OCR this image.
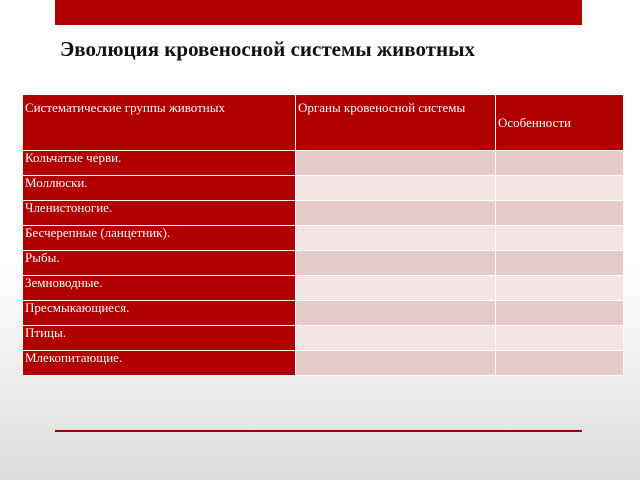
Эволюция кровеносной системы животных
Систематические группы животных	Органы кровеносной системы	Особенности
Кольчатые черви.		
Моллюски.		
Членистоногие.		
Бесчерепные (ланцетник).		
Рыбы.		
Земноводные.		
Пресмыкающиеся.		
Птицы.		
Млекопитающие.		
